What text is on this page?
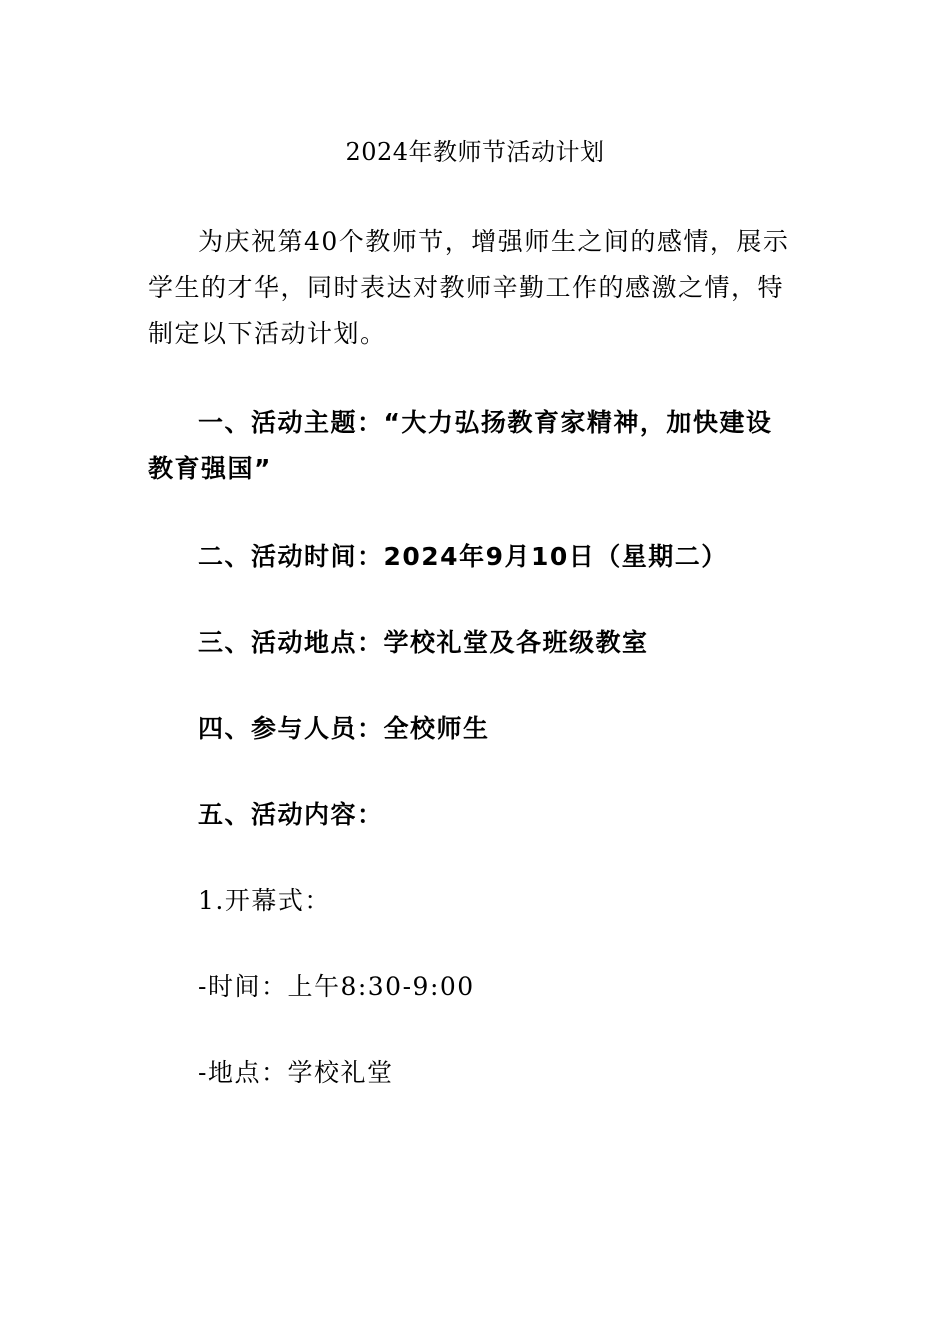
2024年教师节活动计划

为庆祝第40个教师节，增强师生之间的感情，展示学生的才华，同时表达对教师辛勤工作的感激之情，特制定以下活动计划。

一、活动主题：“大力弘扬教育家精神，加快建设教育强国”

二、活动时间：2024年9月10日（星期二）

三、活动地点：学校礼堂及各班级教室

四、参与人员：全校师生

五、活动内容：

1.开幕式：

-时间：上午8:30-9:00

-地点：学校礼堂
